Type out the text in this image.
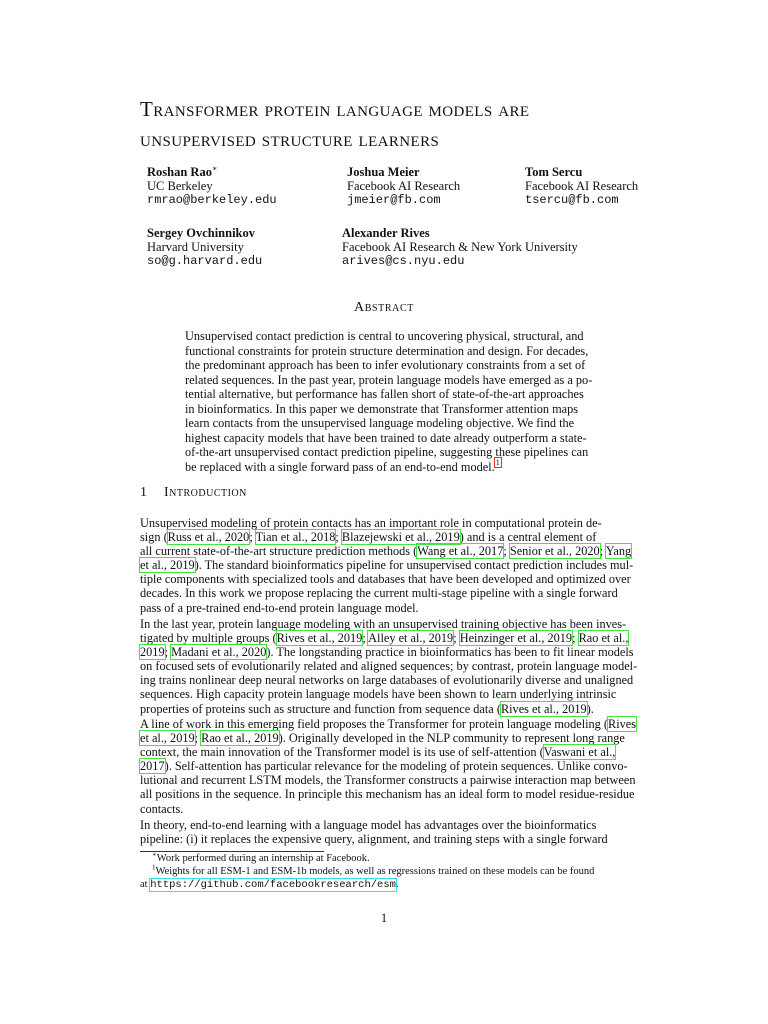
Transformer protein language models are
unsupervised structure learners
Roshan Rao∗
UC Berkeley
rmrao@berkeley.edu
Joshua Meier
Facebook AI Research
jmeier@fb.com
Tom Sercu
Facebook AI Research
tsercu@fb.com
Sergey Ovchinnikov
Harvard University
so@g.harvard.edu
Alexander Rives
Facebook AI Research & New York University
arives@cs.nyu.edu
Abstract
Unsupervised contact prediction is central to uncovering physical, structural, and
functional constraints for protein structure determination and design. For decades,
the predominant approach has been to infer evolutionary constraints from a set of
related sequences. In the past year, protein language models have emerged as a po-
tential alternative, but performance has fallen short of state-of-the-art approaches
in bioinformatics. In this paper we demonstrate that Transformer attention maps
learn contacts from the unsupervised language modeling objective. We find the
highest capacity models that have been trained to date already outperform a state-
of-the-art unsupervised contact prediction pipeline, suggesting these pipelines can
be replaced with a single forward pass of an end-to-end model.$^1$
1 Introduction
Unsupervised modeling of protein contacts has an important role in computational protein de-
sign (Russ et al., 2020; Tian et al., 2018; Blazejewski et al., 2019) and is a central element of
all current state-of-the-art structure prediction methods (Wang et al., 2017; Senior et al., 2020; Yang
et al., 2019). The standard bioinformatics pipeline for unsupervised contact prediction includes mul-
tiple components with specialized tools and databases that have been developed and optimized over
decades. In this work we propose replacing the current multi-stage pipeline with a single forward
pass of a pre-trained end-to-end protein language model.
In the last year, protein language modeling with an unsupervised training objective has been inves-
tigated by multiple groups (Rives et al., 2019; Alley et al., 2019; Heinzinger et al., 2019; Rao et al.,
2019; Madani et al., 2020). The longstanding practice in bioinformatics has been to fit linear models
on focused sets of evolutionarily related and aligned sequences; by contrast, protein language model-
ing trains nonlinear deep neural networks on large databases of evolutionarily diverse and unaligned
sequences. High capacity protein language models have been shown to learn underlying intrinsic
properties of proteins such as structure and function from sequence data (Rives et al., 2019).
A line of work in this emerging field proposes the Transformer for protein language modeling (Rives
et al., 2019; Rao et al., 2019). Originally developed in the NLP community to represent long range
context, the main innovation of the Transformer model is its use of self-attention (Vaswani et al.,
2017). Self-attention has particular relevance for the modeling of protein sequences. Unlike convo-
lutional and recurrent LSTM models, the Transformer constructs a pairwise interaction map between
all positions in the sequence. In principle this mechanism has an ideal form to model residue-residue
contacts.
In theory, end-to-end learning with a language model has advantages over the bioinformatics
pipeline: (i) it replaces the expensive query, alignment, and training steps with a single forward

∗Work performed during an internship at Facebook.

$^1$Weights for all ESM-1 and ESM-1b models, as well as regressions trained on these models can be found

at https://github.com/facebookresearch/esm.

1
